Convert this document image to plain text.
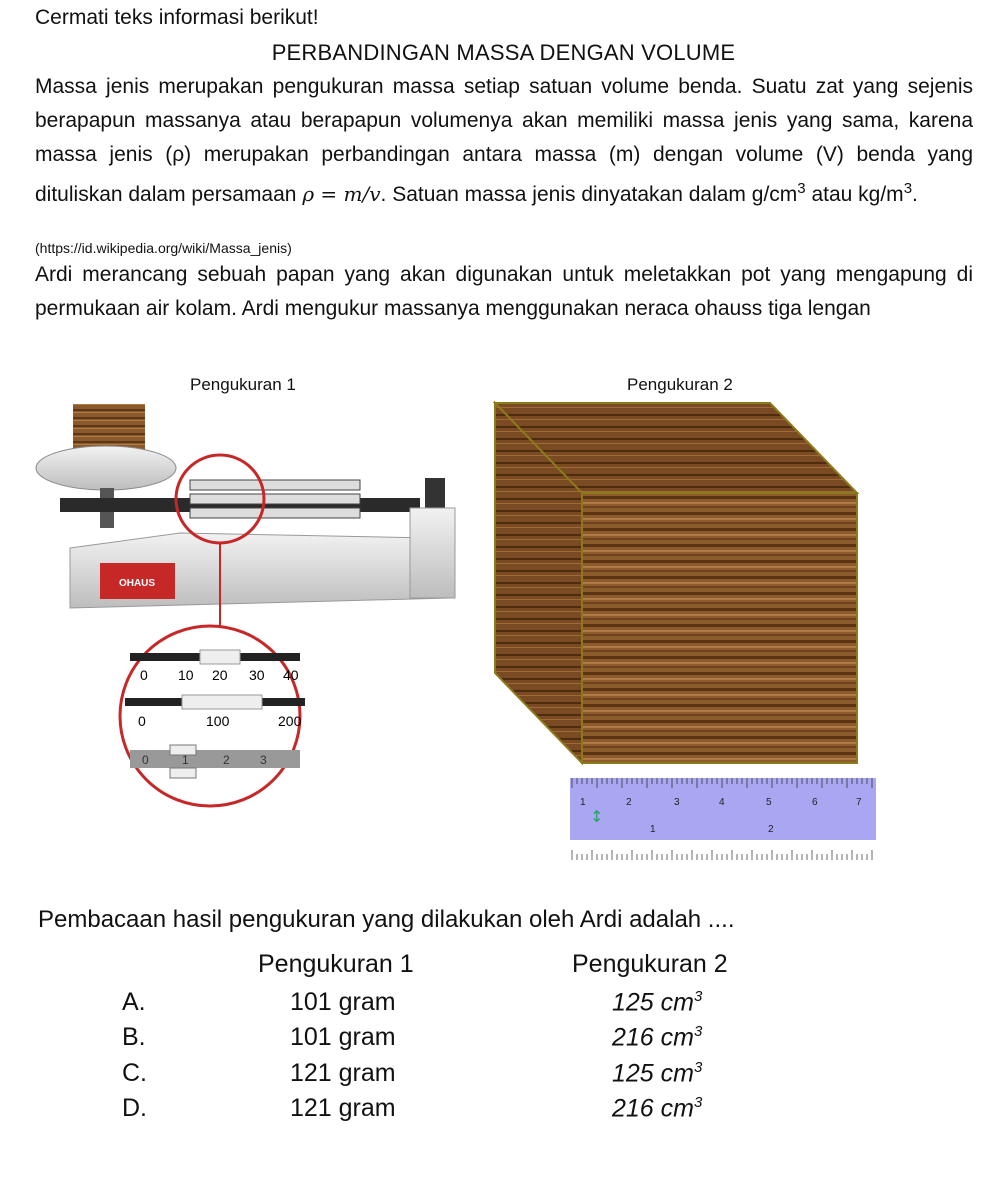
Cermati teks informasi berikut!
PERBANDINGAN MASSA DENGAN VOLUME
Massa jenis merupakan pengukuran massa setiap satuan volume benda. Suatu zat yang sejenis berapapun massanya atau berapapun volumenya akan memiliki massa jenis yang sama, karena massa jenis (ρ) merupakan perbandingan antara massa (m) dengan volume (V) benda yang dituliskan dalam persamaan ρ = m/v. Satuan massa jenis dinyatakan dalam $g/cm^3$ atau $kg/m^3$.
(https://id.wikipedia.org/wiki/Massa_jenis)
Ardi merancang sebuah papan yang akan digunakan untuk meletakkan pot yang mengapung di permukaan air kolam. Ardi mengukur massanya menggunakan neraca ohauss tiga lengan
Pengukuran 1	Pengukuran 2
OHAUS
0 10 20 30 40
0	100	200
0	1	2	3
1	2	3	4	5	6	7
1	2
↕
Pembacaan hasil pengukuran yang dilakukan oleh Ardi adalah ....
Pengukuran 1	Pengukuran 2
A.	101 gram	125 $cm^3$
B.	101 gram	216 $cm^3$
C.	121 gram	125 $cm^3$
D.	121 gram	216 $cm^3$
